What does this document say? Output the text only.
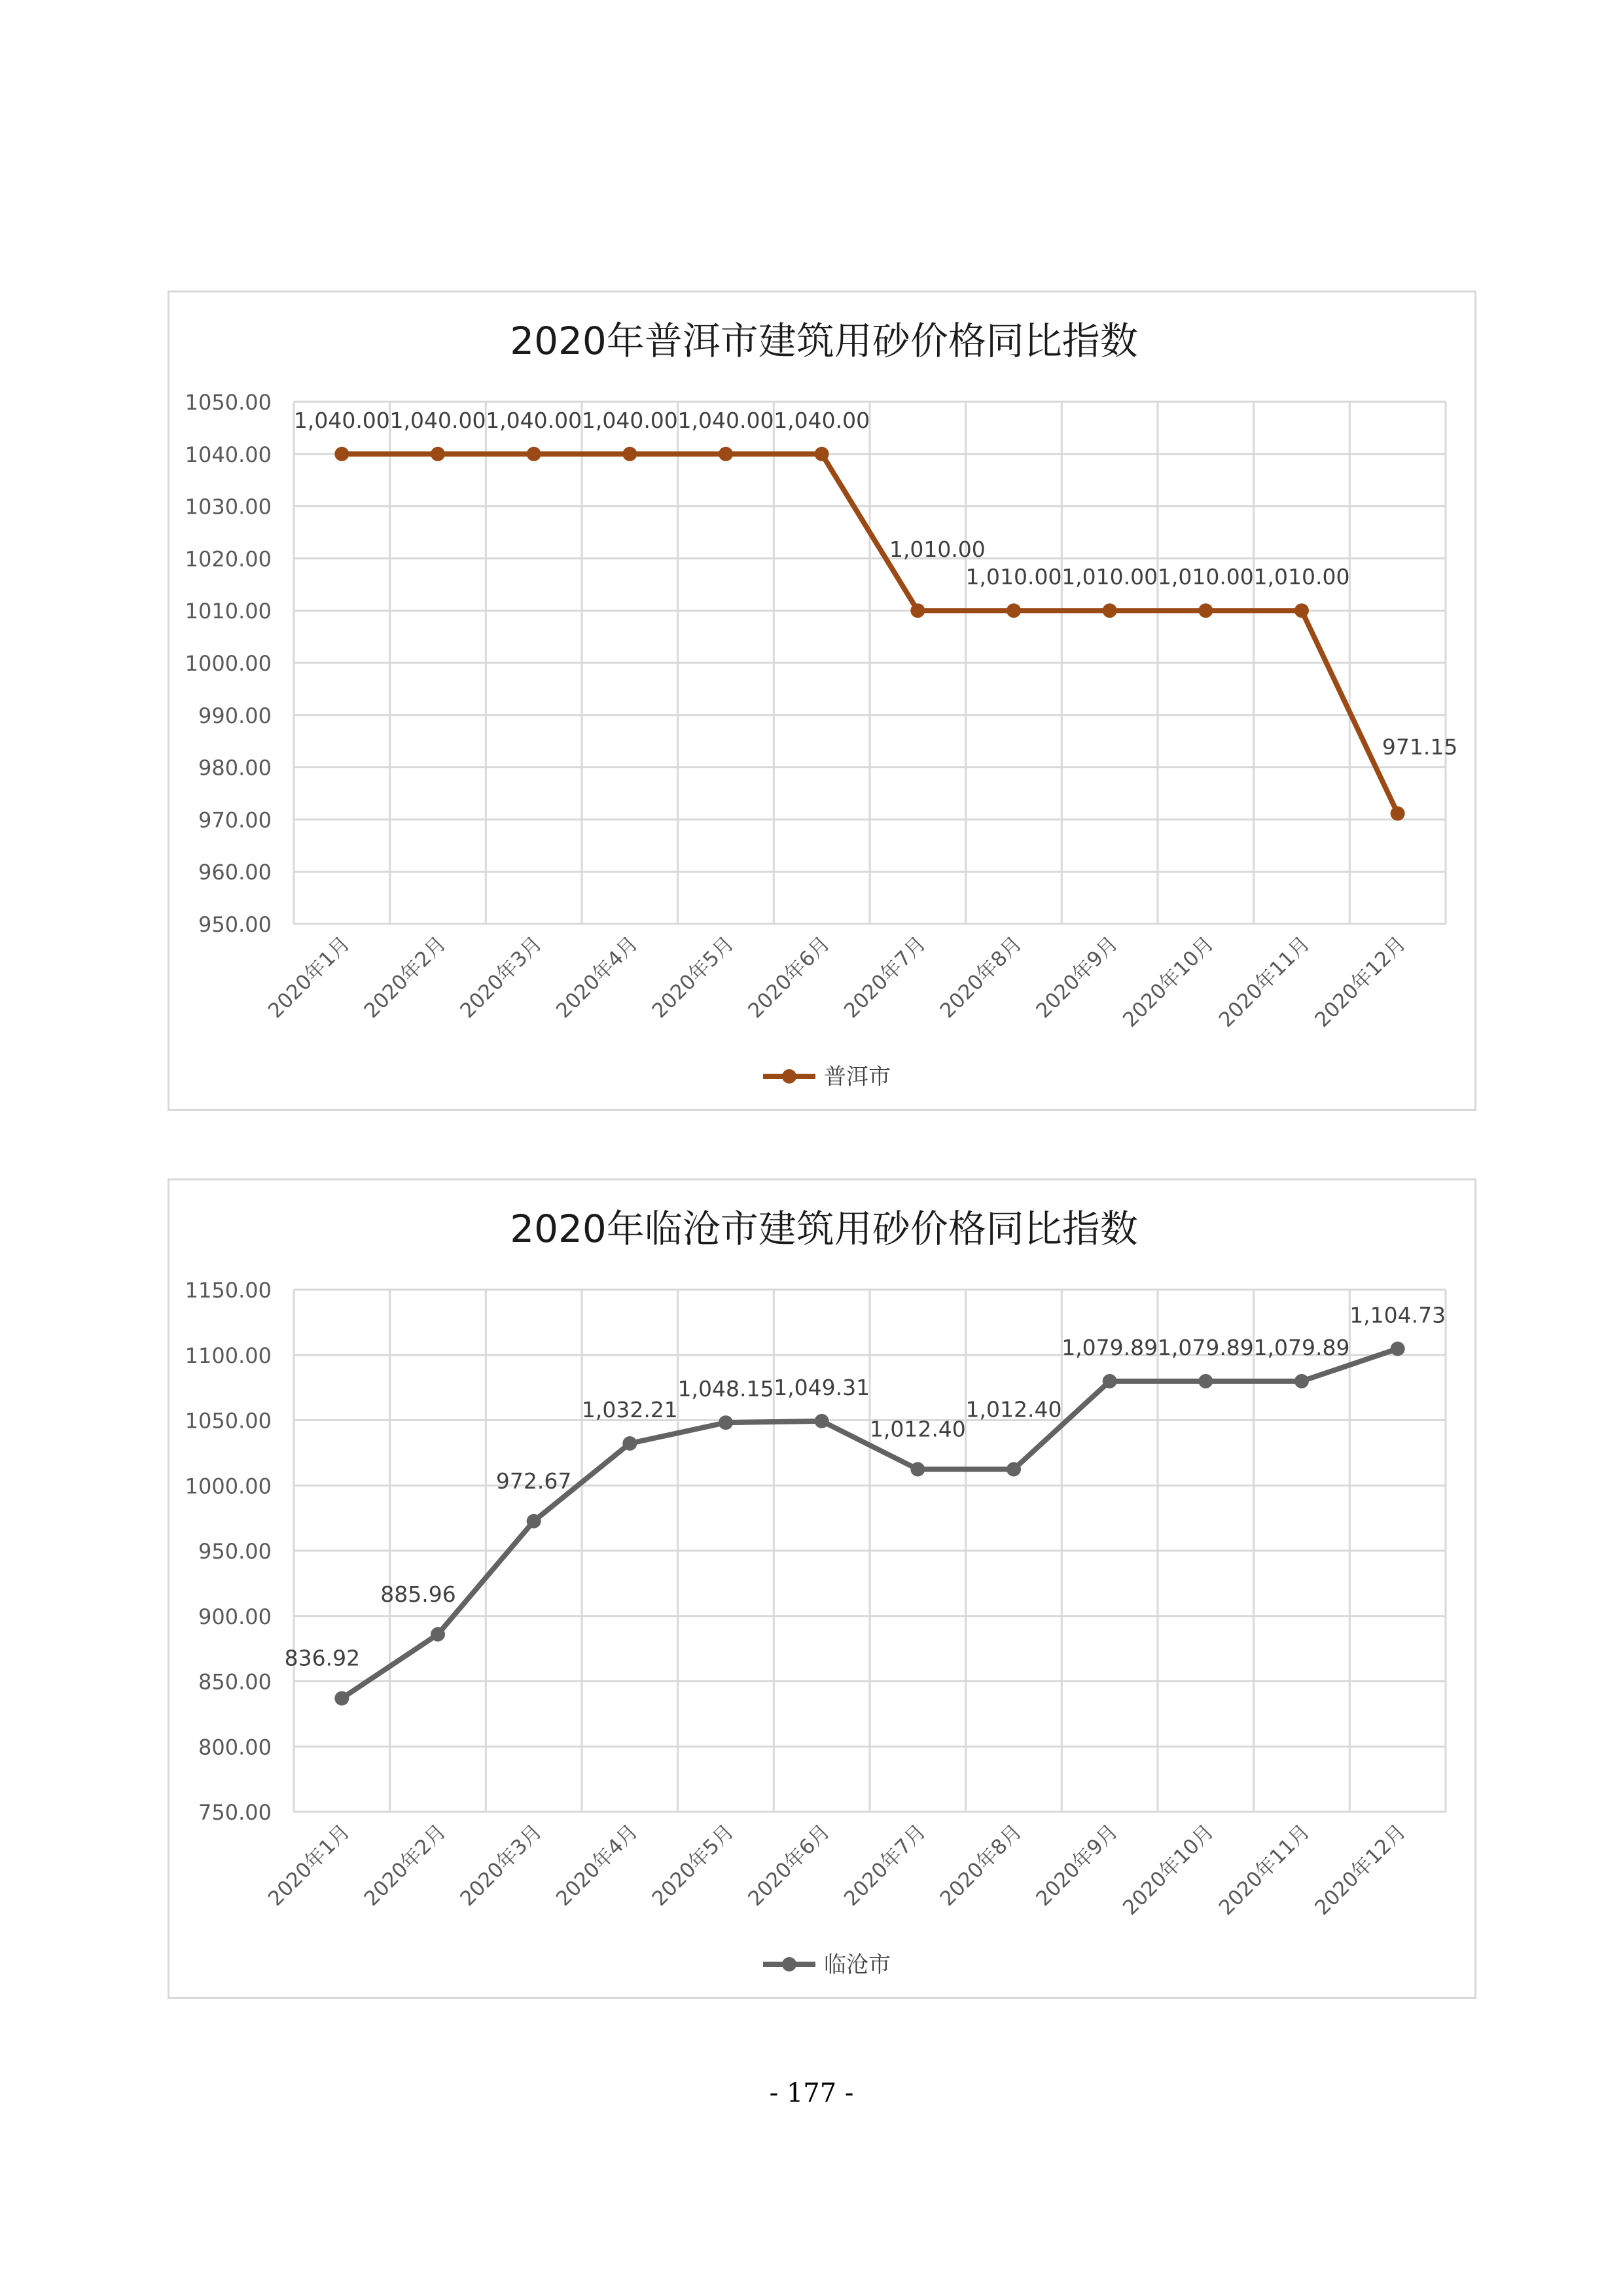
2020年普洱市建筑用砂价格同比指数
950.00
960.00
970.00
980.00
990.00
1000.00
1010.00
1020.00
1030.00
1040.00
1050.00
2020年1月 2020年2月 2020年3月 2020年4月 2020年5月 2020年6月 2020年7月 2020年8月 2020年9月
2020年10月
2020年11月
2020年12月
1,040.00 1,040.00 1,040.00 1,040.00 1,040.00 1,040.00
1,010.00
1,010.00 1,010.00 1,010.00 1,010.00
971.15
普洱市
2020年临沧市建筑用砂价格同比指数
750.00
800.00
850.00
900.00
950.00
1000.00
1050.00
1100.00
1150.00
2020年1月 2020年2月 2020年3月 2020年4月 2020年5月 2020年6月 2020年7月 2020年8月 2020年9月
2020年10月
2020年11月
2020年12月
836.92
885.96
972.67
1,032.21
1,048.15 1,049.31
1,012.40
1,012.40
1,079.89 1,079.89 1,079.89
1,104.73
临沧市
- 177 -
